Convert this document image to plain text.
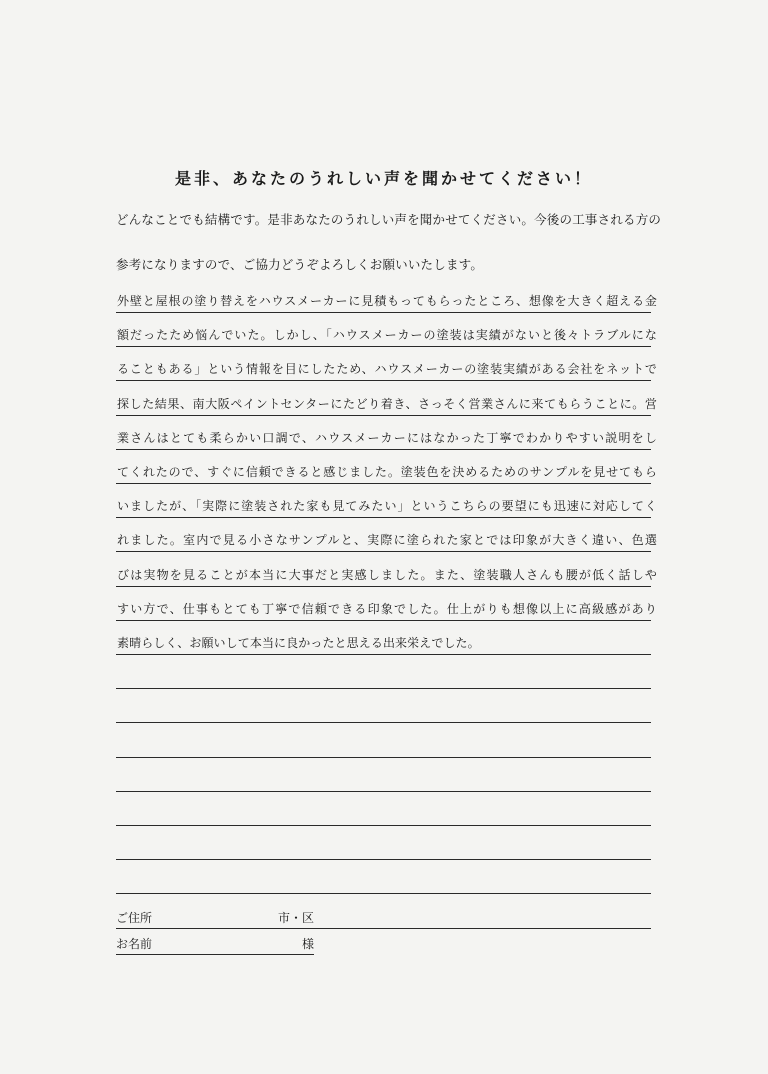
是非、あなたのうれしい声を聞かせてください！
どんなことでも結構です。是非あなたのうれしい声を聞かせてください。今後の工事される方の
参考になりますので、ご協力どうぞよろしくお願いいたします。
外壁と屋根の塗り替えをハウスメーカーに見積もってもらったところ、想像を大きく超える金
額だったため悩んでいた。しかし、「ハウスメーカーの塗装は実績がないと後々トラブルにな
ることもある」という情報を目にしたため、ハウスメーカーの塗装実績がある会社をネットで
探した結果、南大阪ペイントセンターにたどり着き、さっそく営業さんに来てもらうことに。営
業さんはとても柔らかい口調で、ハウスメーカーにはなかった丁寧でわかりやすい説明をし
てくれたので、すぐに信頼できると感じました。塗装色を決めるためのサンプルを見せてもら
いましたが、「実際に塗装された家も見てみたい」というこちらの要望にも迅速に対応してく
れました。室内で見る小さなサンプルと、実際に塗られた家とでは印象が大きく違い、色選
びは実物を見ることが本当に大事だと実感しました。また、塗装職人さんも腰が低く話しや
すい方で、仕事もとても丁寧で信頼できる印象でした。仕上がりも想像以上に高級感があり
素晴らしく、お願いして本当に良かったと思える出来栄えでした。
ご住所	市・区
お名前	様
